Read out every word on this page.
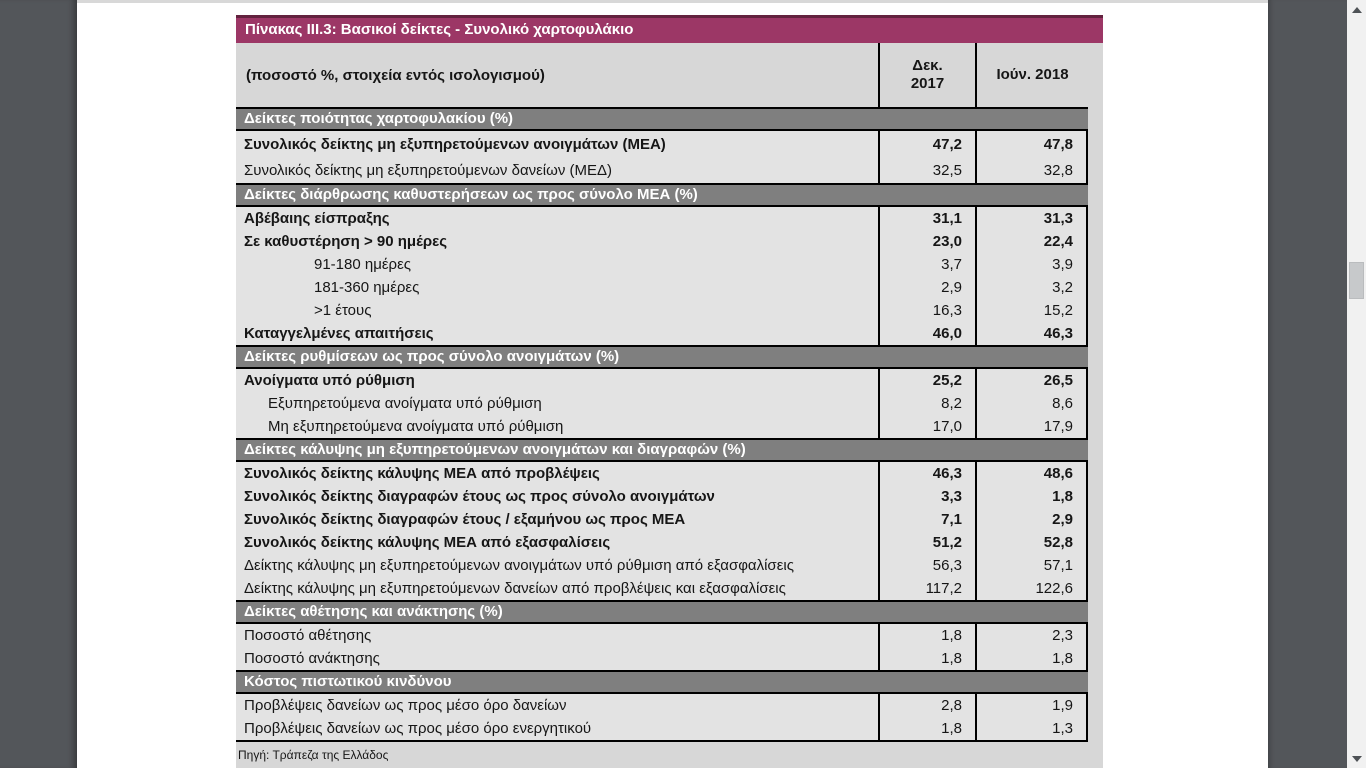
Πίνακας III.3: Βασικοί δείκτες - Συνολικό χαρτοφυλάκιο
(ποσοστό %, στοιχεία εντός ισολογισμού)
Δεκ.
2017
Ιούν. 2018
Δείκτες ποιότητας χαρτοφυλακίου (%)
Συνολικός δείκτης μη εξυπηρετούμενων ανοιγμάτων (ΜΕΑ)	47,2	47,8
Συνολικός δείκτης μη εξυπηρετούμενων δανείων (ΜΕΔ)	32,5	32,8
Δείκτες διάρθρωσης καθυστερήσεων ως προς σύνολο ΜΕΑ (%)
Αβέβαιης είσπραξης	31,1	31,3
Σε καθυστέρηση > 90 ημέρες	23,0	22,4
91-180 ημέρες	3,7	3,9
181-360 ημέρες	2,9	3,2
>1 έτους	16,3	15,2
Καταγγελμένες απαιτήσεις	46,0	46,3
Δείκτες ρυθμίσεων ως προς σύνολο ανοιγμάτων (%)
Ανοίγματα υπό ρύθμιση	25,2	26,5
Εξυπηρετούμενα ανοίγματα υπό ρύθμιση	8,2	8,6
Μη εξυπηρετούμενα ανοίγματα υπό ρύθμιση	17,0	17,9
Δείκτες κάλυψης μη εξυπηρετούμενων ανοιγμάτων και διαγραφών (%)
Συνολικός δείκτης κάλυψης ΜΕΑ από προβλέψεις	46,3	48,6
Συνολικός δείκτης διαγραφών έτους ως προς σύνολο ανοιγμάτων	3,3	1,8
Συνολικός δείκτης διαγραφών έτους / εξαμήνου ως προς ΜΕΑ	7,1	2,9
Συνολικός δείκτης κάλυψης ΜΕΑ από εξασφαλίσεις	51,2	52,8
Δείκτης κάλυψης μη εξυπηρετούμενων ανοιγμάτων υπό ρύθμιση από εξασφαλίσεις	56,3	57,1
Δείκτης κάλυψης μη εξυπηρετούμενων δανείων από προβλέψεις και εξασφαλίσεις	117,2	122,6
Δείκτες αθέτησης και ανάκτησης (%)
Ποσοστό αθέτησης	1,8	2,3
Ποσοστό ανάκτησης	1,8	1,8
Κόστος πιστωτικού κινδύνου
Προβλέψεις δανείων ως προς μέσο όρο δανείων	2,8	1,9
Προβλέψεις δανείων ως προς μέσο όρο ενεργητικού	1,8	1,3
Πηγή: Τράπεζα της Ελλάδος
